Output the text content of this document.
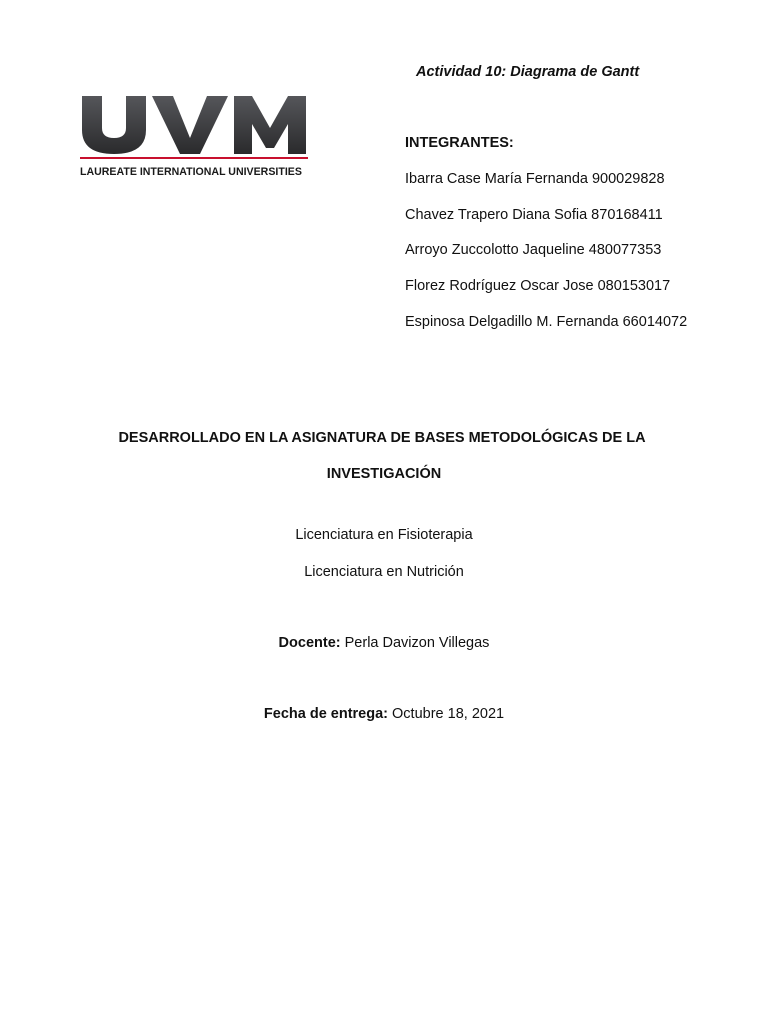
Actividad 10: Diagrama de Gantt
LAUREATE INTERNATIONAL UNIVERSITIES
INTEGRANTES:
Ibarra Case María Fernanda 900029828
Chavez Trapero Diana Sofia 870168411
Arroyo Zuccolotto Jaqueline 480077353
Florez Rodríguez Oscar Jose 080153017
Espinosa Delgadillo M. Fernanda 66014072
DESARROLLADO EN LA ASIGNATURA DE BASES METODOLÓGICAS DE LA
INVESTIGACIÓN
Licenciatura en Fisioterapia
Licenciatura en Nutrición
Docente: Perla Davizon Villegas
Fecha de entrega: Octubre 18, 2021
